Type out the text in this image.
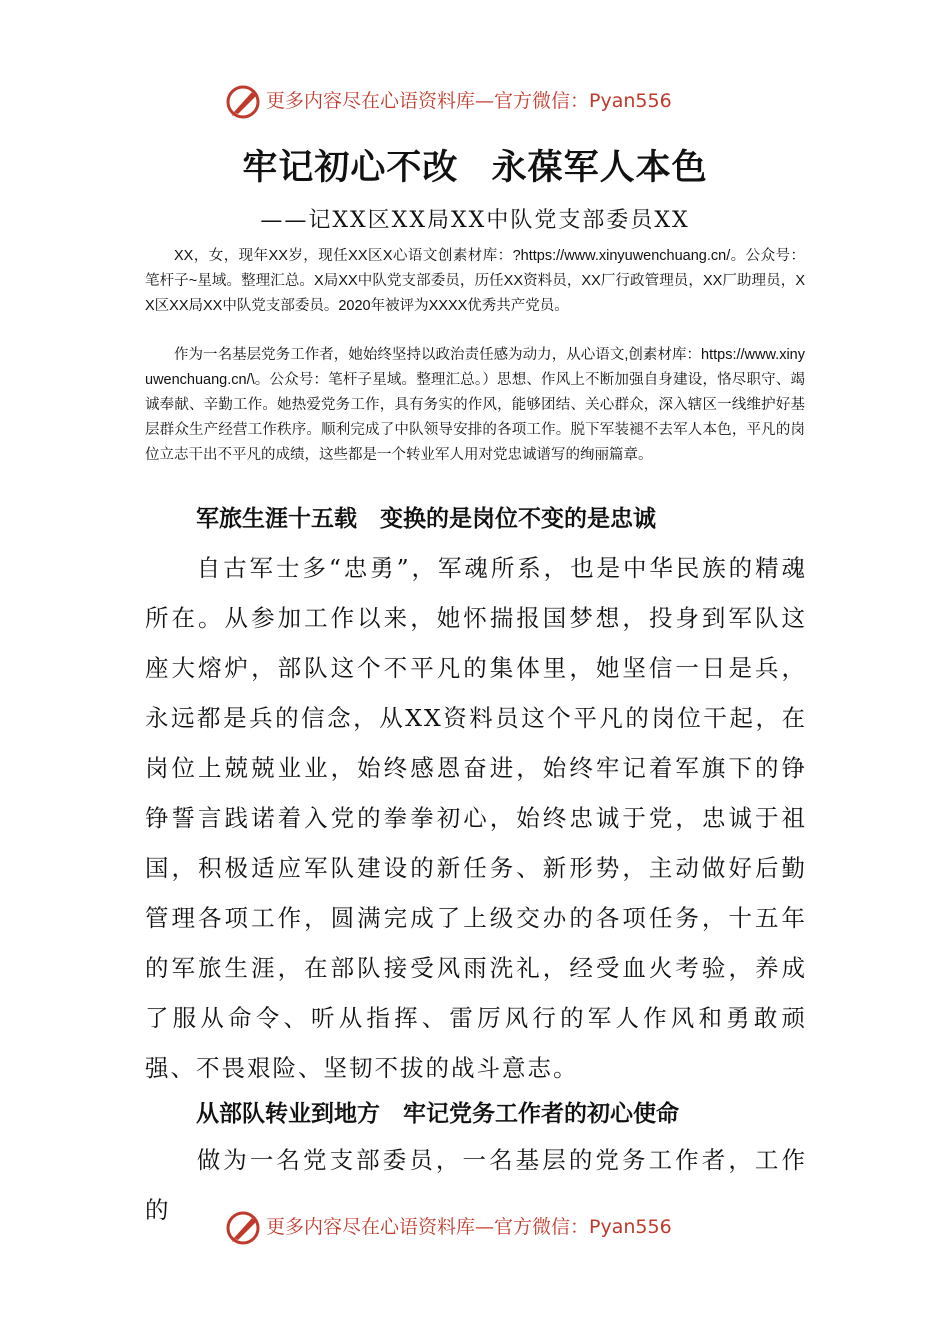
更多内容尽在心语资料库—官方微信：Pyan556
牢记初心不改 永葆军人本色
——记XX区XX局XX中队党支部委员XX

XX，女，现年XX岁，现任XX区X心语文创素材库：?https://www.xinyuwenchuang.cn/。公众号：笔杆子~星域。整理汇总。X局XX中队党支部委员，历任XX资料员，XX厂行政管理员，XX厂助理员，XX区XX局XX中队党支部委员。2020年被评为XXXX优秀共产党员。

作为一名基层党务工作者，她始终坚持以政治责任感为动力，从心语文,创素材库：https://www.xinyuwenchuang.cn/\。公众号：笔杆子星域。整理汇总。）思想、作风上不断加强自身建设，恪尽职守、竭诚奉献、辛勤工作。她热爱党务工作，具有务实的作风，能够团结、关心群众，深入辖区一线维护好基层群众生产经营工作秩序。顺利完成了中队领导安排的各项工作。脱下军装褪不去军人本色，平凡的岗位立志干出不平凡的成绩，这些都是一个转业军人用对党忠诚谱写的绚丽篇章。

军旅生涯十五载　变换的是岗位不变的是忠诚

自古军士多“忠勇”，军魂所系，也是中华民族的精魂所在。从参加工作以来，她怀揣报国梦想，投身到军队这座大熔炉，部队这个不平凡的集体里，她坚信一日是兵，永远都是兵的信念，从XX资料员这个平凡的岗位干起，在岗位上兢兢业业，始终感恩奋进，始终牢记着军旗下的铮铮誓言践诺着入党的拳拳初心，始终忠诚于党，忠诚于祖国，积极适应军队建设的新任务、新形势，主动做好后勤管理各项工作，圆满完成了上级交办的各项任务，十五年的军旅生涯，在部队接受风雨洗礼，经受血火考验，养成了服从命令、听从指挥、雷厉风行的军人作风和勇敢顽强、不畏艰险、坚韧不拔的战斗意志。

从部队转业到地方　牢记党务工作者的初心使命

做为一名党支部委员，一名基层的党务工作者，工作的

更多内容尽在心语资料库—官方微信：Pyan556
